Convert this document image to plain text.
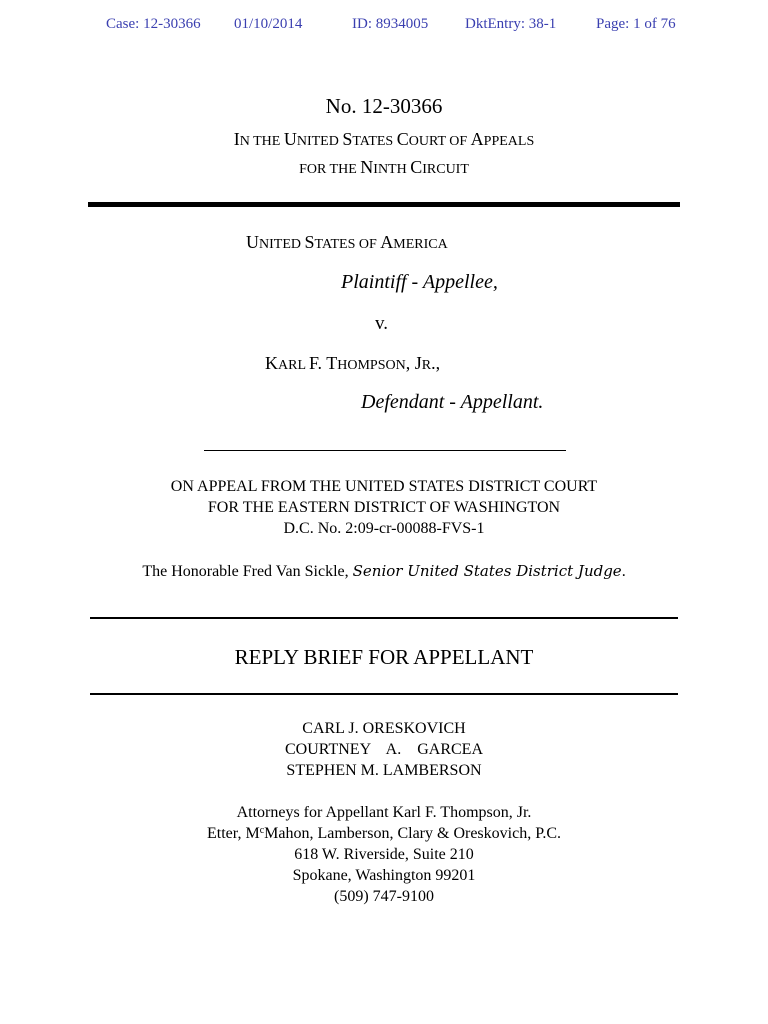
Case: 12-30366 01/10/2014	ID: 8934005 DktEntry: 38-1	Page: 1 of 76
No. 12-30366
IN THE UNITED STATES COURT OF APPEALS
FOR THE NINTH CIRCUIT
UNITED STATES OF AMERICA
Plaintiff - Appellee,
v.
KARL F. THOMPSON, JR.,
Defendant - Appellant.
ON APPEAL FROM THE UNITED STATES DISTRICT COURT
FOR THE EASTERN DISTRICT OF WASHINGTON
D.C. No. 2:09-cr-00088-FVS-1
The Honorable Fred Van Sickle, Senior United States District Judge.
REPLY BRIEF FOR APPELLANT
CARL J. ORESKOVICH
COURTNEY    A.    GARCEA
STEPHEN M. LAMBERSON
Attorneys for Appellant Karl F. Thompson, Jr.
Etter, $M^cMahon$, Lamberson, Clary & Oreskovich, P.C.
618 W. Riverside, Suite 210
Spokane, Washington 99201
(509) 747-9100
